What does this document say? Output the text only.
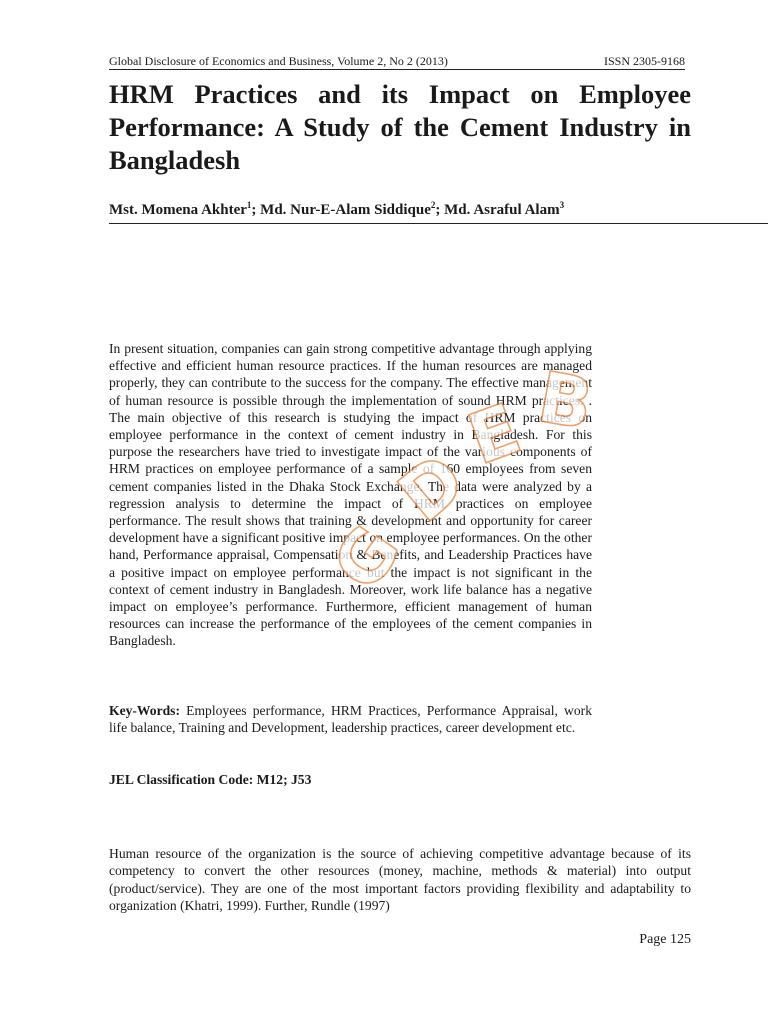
Global Disclosure of Economics and Business, Volume 2, No 2 (2013)	ISSN 2305-9168
HRM Practices and its Impact on Employee Performance: A Study of the Cement Industry in Bangladesh
Mst. Momena Akhter$^1$; Md. Nur-E-Alam Siddique$^2$; Md. Asraful Alam$^3$

In present situation, companies can gain strong competitive advantage through applying effective and efficient human resource practices. If the human resources are managed properly, they can contribute to the success for the company. The effective management of human resource is possible through the implementation of sound HRM practices. . The main objective of this research is studying the impact of HRM practices on employee performance in the context of cement industry in Bangladesh. For this purpose the researchers have tried to investigate impact of the various components of HRM practices on employee performance of a sample of 160 employees from seven cement companies listed in the Dhaka Stock Exchange. The data were analyzed by a regression analysis to determine the impact of HRM practices on employee performance. The result shows that training & development and opportunity for career development have a significant positive impact on employee performances. On the other hand, Performance appraisal, Compensation & Benefits, and Leadership Practices have a positive impact on employee performance but the impact is not significant in the context of cement industry in Bangladesh. Moreover, work life balance has a negative impact on employee’s performance. Furthermore, efficient management of human resources can increase the performance of the employees of the cement companies in Bangladesh.

Key-Words: Employees performance, HRM Practices, Performance Appraisal, work life balance, Training and Development, leadership practices, career development etc.

JEL Classification Code: M12; J53

Human resource of the organization is the source of achieving competitive advantage because of its competency to convert the other resources (money, machine, methods & material) into output (product/service). They are one of the most important factors providing flexibility and adaptability to organization (Khatri, 1999). Further, Rundle (1997)

Page 125
G
D
E B
